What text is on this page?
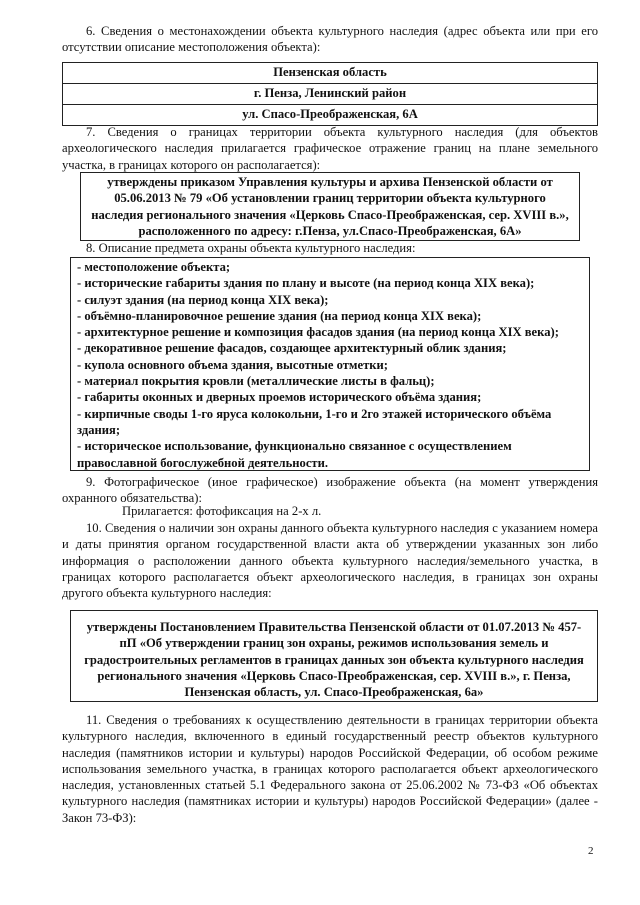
6. Сведения о местонахождении объекта культурного наследия (адрес объекта или при его отсутствии описание местоположения объекта):

Пензенская область
г. Пенза, Ленинский район
ул. Спасо-Преображенская, 6А

7. Сведения о границах территории объекта культурного наследия (для объектов археологического наследия прилагается графическое отражение границ на плане земельного участка, в границах которого он располагается):

утверждены приказом Управления культуры и архива Пензенской области от 05.06.2013 № 79 «Об установлении границ территории объекта культурного наследия регионального значения «Церковь Спасо-Преображенская, сер. XVIII в.», расположенного по адресу: г.Пенза, ул.Спасо-Преображенская, 6А»

8. Описание предмета охраны объекта культурного наследия:

- местоположение объекта;
- исторические габариты здания по плану и высоте (на период конца XIX века);
- силуэт здания (на период конца XIX века);
- объёмно-планировочное решение здания (на период конца XIX века);
- архитектурное решение и композиция фасадов здания (на период конца XIX века);
- декоративное решение фасадов, создающее архитектурный облик здания;
- купола основного объема здания, высотные отметки;
- материал покрытия кровли (металлические листы в фальц);
- габариты оконных и дверных проемов исторического объёма здания;
- кирпичные своды 1-го яруса колокольни, 1-го и 2го этажей исторического объёма здания;
- историческое использование, функционально связанное с осуществлением православной богослужебной деятельности.

9. Фотографическое (иное графическое) изображение объекта (на момент утверждения охранного обязательства):

Прилагается: фотофиксация на 2-х л.

10. Сведения о наличии зон охраны данного объекта культурного наследия с указанием номера и даты принятия органом государственной власти акта об утверждении указанных зон либо информация о расположении данного объекта культурного наследия/земельного участка, в границах которого располагается объект археологического наследия, в границах зон охраны другого объекта культурного наследия:

утверждены Постановлением Правительства Пензенской области от 01.07.2013 № 457-пП «Об утверждении границ зон охраны, режимов использования земель и градостроительных регламентов в границах данных зон объекта культурного наследия регионального значения «Церковь Спасо-Преображенская, сер. XVIII в.», г. Пенза, Пензенская область, ул. Спасо-Преображенская, 6а»

11. Сведения о требованиях к осуществлению деятельности в границах территории объекта культурного наследия, включенного в единый государственный реестр объектов культурного наследия (памятников истории и культуры) народов Российской Федерации, об особом режиме использования земельного участка, в границах которого располагается объект археологического наследия, установленных статьей 5.1 Федерального закона от 25.06.2002 № 73-ФЗ «Об объектах культурного наследия (памятниках истории и культуры) народов Российской Федерации» (далее - Закон 73-ФЗ):

2
